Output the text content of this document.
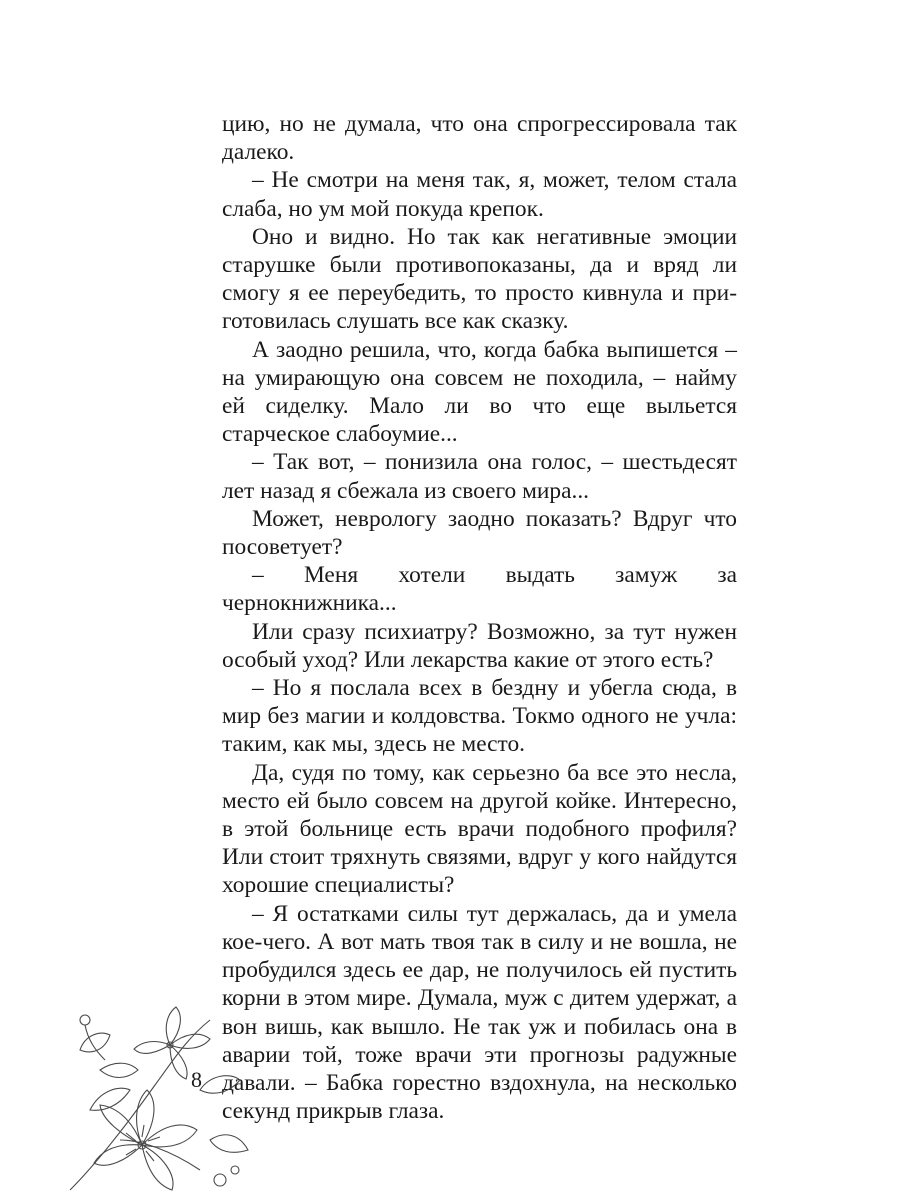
цию, но не думала, что она спрогрессировала так далеко.

– Не смотри на меня так, я, может, телом стала слаба, но ум мой покуда крепок.

Оно и видно. Но так как негативные эмоции старушке были противопоказаны, да и вряд ли смогу я ее переубедить, то просто кивнула и приготовилась слушать все как сказку.

А заодно решила, что, когда бабка выпишется – на умирающую она совсем не походила, – найму ей сиделку. Мало ли во что еще выльется старческое слабоумие...

– Так вот, – понизила она голос, – шестьдесят лет назад я сбежала из своего мира...

Может, неврологу заодно показать? Вдруг что посоветует?

– Меня хотели выдать замуж за чернокнижника...

Или сразу психиатру? Возможно, за тут нужен особый уход? Или лекарства какие от этого есть?

– Но я послала всех в бездну и убегла сюда, в мир без магии и колдовства. Токмо одного не учла: таким, как мы, здесь не место.

Да, судя по тому, как серьезно ба все это несла, место ей было совсем на другой койке. Интересно, в этой больнице есть врачи подобного профиля? Или стоит тряхнуть связями, вдруг у кого найдутся хорошие специалисты?

– Я остатками силы тут держалась, да и умела кое-чего. А вот мать твоя так в силу и не вошла, не пробудился здесь ее дар, не получилось ей пустить корни в этом мире. Думала, муж с дитем удержат, а вон вишь, как вышло. Не так уж и побилась она в аварии той, тоже врачи эти прогнозы радужные давали. – Бабка горестно вздохнула, на несколько секунд прикрыв глаза.

8
